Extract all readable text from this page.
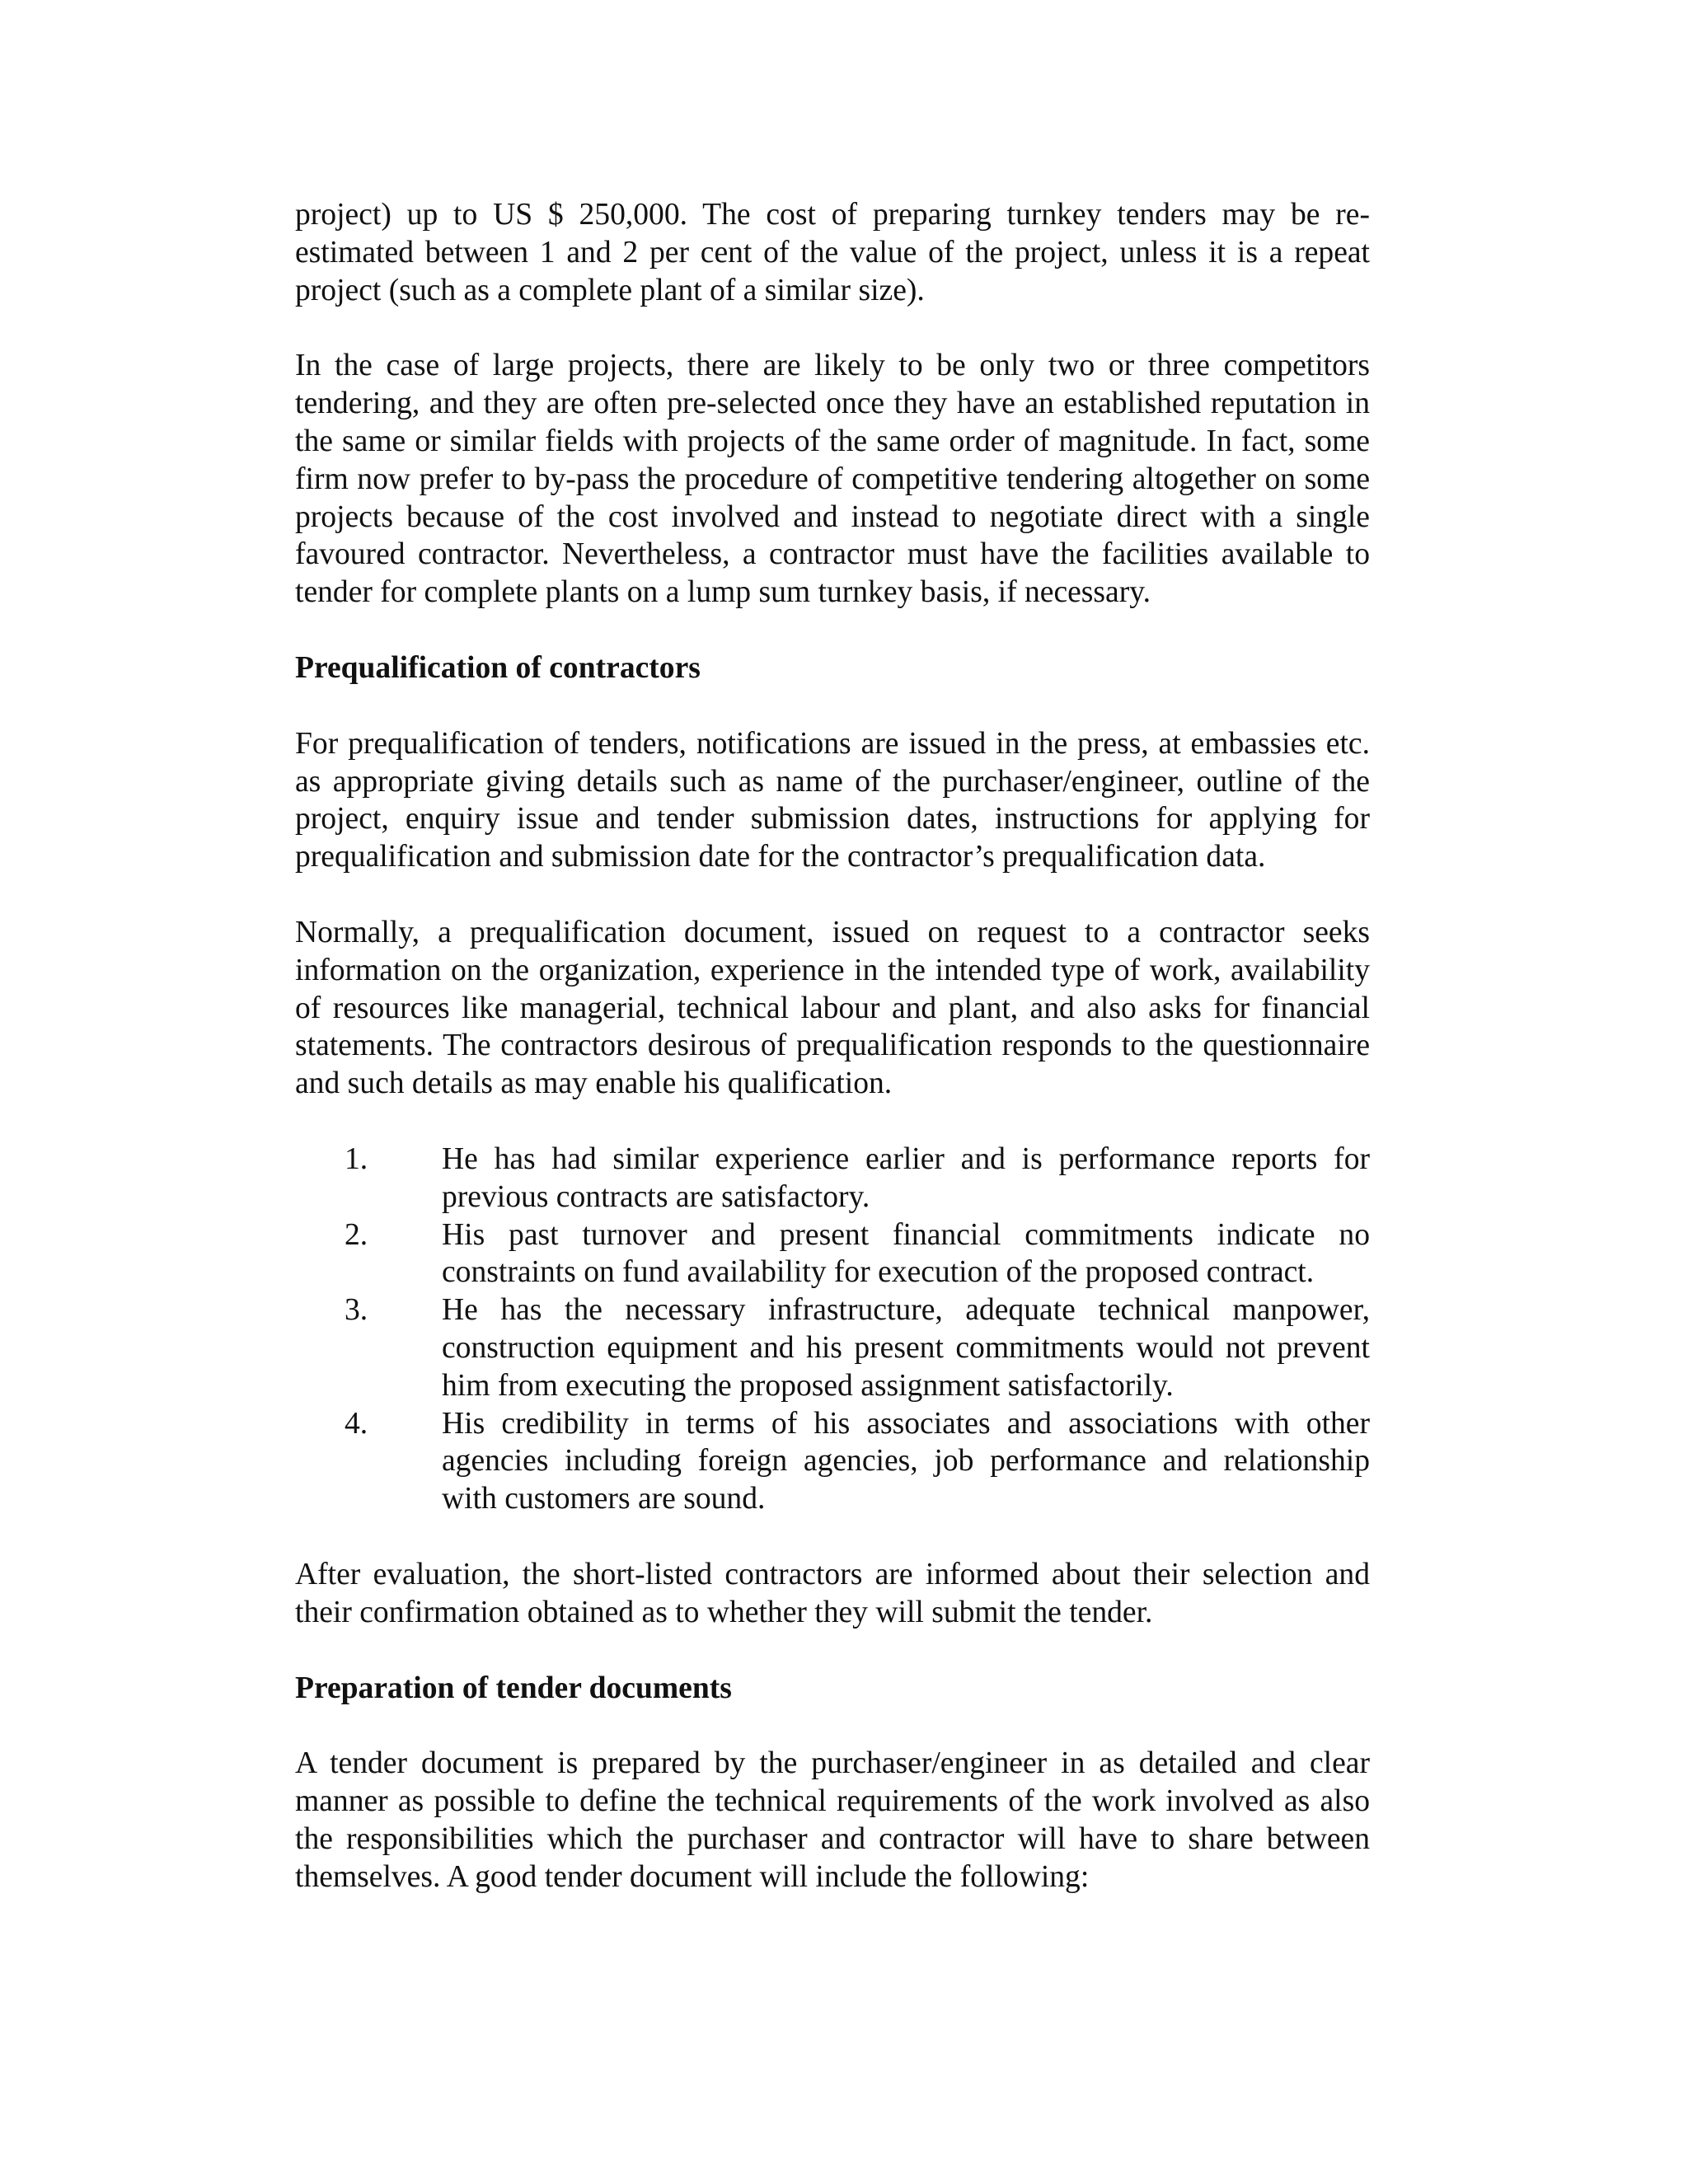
project) up to US $ 250,000. The cost of preparing turnkey tenders may be re-estimated between 1 and 2 per cent of the value of the project, unless it is a repeat project (such as a complete plant of a similar size).

In the case of large projects, there are likely to be only two or three competitors tendering, and they are often pre-selected once they have an established reputation in the same or similar fields with projects of the same order of magnitude. In fact, some firm now prefer to by-pass the procedure of competitive tendering altogether on some projects because of the cost involved and instead to negotiate direct with a single favoured contractor. Nevertheless, a contractor must have the facilities available to tender for complete plants on a lump sum turnkey basis, if necessary.

Prequalification of contractors

For prequalification of tenders, notifications are issued in the press, at embassies etc. as appropriate giving details such as name of the purchaser/engineer, outline of the project, enquiry issue and tender submission dates, instructions for applying for prequalification and submission date for the contractor’s prequalification data.

Normally, a prequalification document, issued on request to a contractor seeks information on the organization, experience in the intended type of work, availability of resources like managerial, technical labour and plant, and also asks for financial statements. The contractors desirous of prequalification responds to the questionnaire and such details as may enable his qualification.

1. He has had similar experience earlier and is performance reports for previous contracts are satisfactory.
2. His past turnover and present financial commitments indicate no constraints on fund availability for execution of the proposed contract.
3. He has the necessary infrastructure, adequate technical manpower, construction equipment and his present commitments would not prevent him from executing the proposed assignment satisfactorily.
4. His credibility in terms of his associates and associations with other agencies including foreign agencies, job performance and relationship with customers are sound.

After evaluation, the short-listed contractors are informed about their selection and their confirmation obtained as to whether they will submit the tender.

Preparation of tender documents

A tender document is prepared by the purchaser/engineer in as detailed and clear manner as possible to define the technical requirements of the work involved as also the responsibilities which the purchaser and contractor will have to share between themselves. A good tender document will include the following:
